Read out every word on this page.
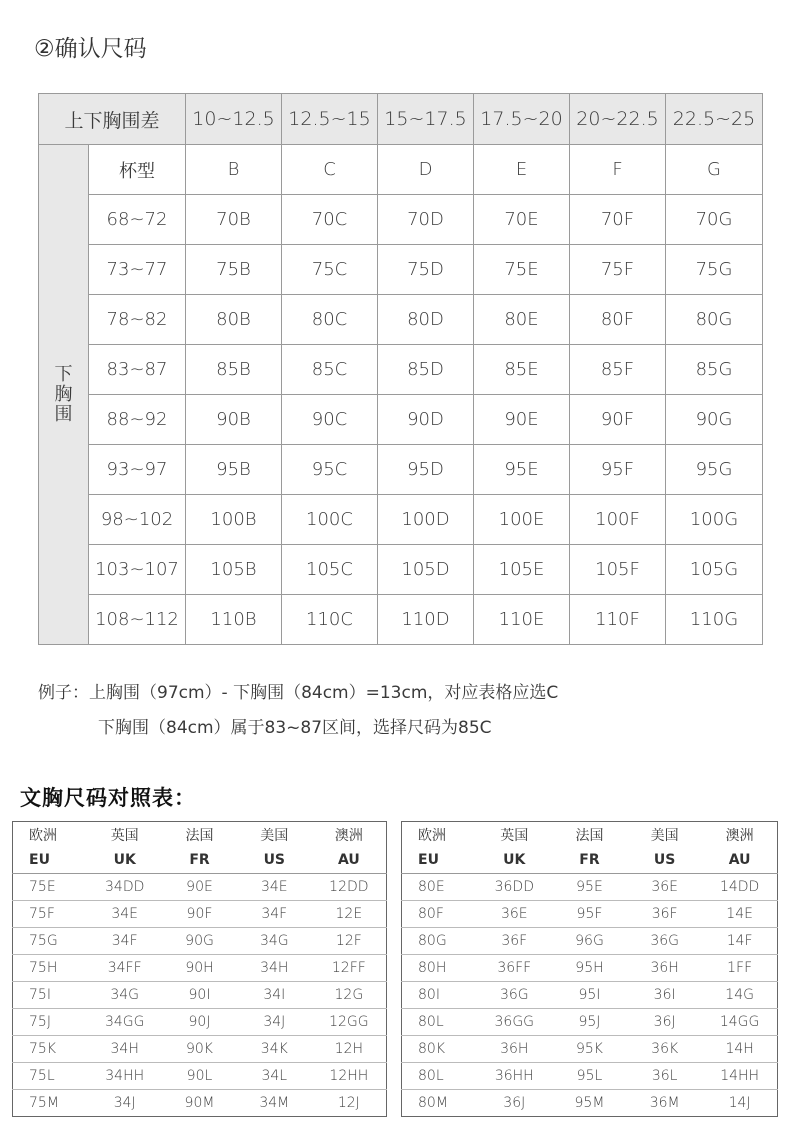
②确认尺码
上下胸围差		10~12.5	12.5~15	15~17.5	17.5~20	20~22.5	22.5~25

下
胸
围	杯型	B	C	D	E	F	G
	68~72	70B	70C	70D	70E	70F	70G
	73~77	75B	75C	75D	75E	75F	75G
	78~82	80B	80C	80D	80E	80F	80G
	83~87	85B	85C	85D	85E	85F	85G
	88~92	90B	90C	90D	90E	90F	90G
	93~97	95B	95C	95D	95E	95F	95G
	98~102	100B	100C	100D	100E	100F	100G
	103~107	105B	105C	105D	105E	105F	105G
	108~112	110B	110C	110D	110E	110F	110G
例子：上胸围（97cm）- 下胸围（84cm）=13cm，对应表格应选C
下胸围（84cm）属于83~87区间，选择尺码为85C
文胸尺码对照表：
欧洲	英国	法国	美国	澳洲
EU	UK	FR	US	AU
75E	34DD	90E	34E	12DD
75F	34E	90F	34F	12E
75G	34F	90G	34G	12F
75H	34FF	90H	34H	12FF
75I	34G	90I	34I	12G
75J	34GG	90J	34J	12GG
75K	34H	90K	34K	12H
75L	34HH	90L	34L	12HH
75M	34J	90M	34M	12J
欧洲	英国	法国	美国	澳洲
EU	UK	FR	US	AU
80E	36DD	95E	36E	14DD
80F	36E	95F	36F	14E
80G	36F	96G	36G	14F
80H	36FF	95H	36H	1FF
80I	36G	95I	36I	14G
80L	36GG	95J	36J	14GG
80K	36H	95K	36K	14H
80L	36HH	95L	36L	14HH
80M	36J	95M	36M	14J
